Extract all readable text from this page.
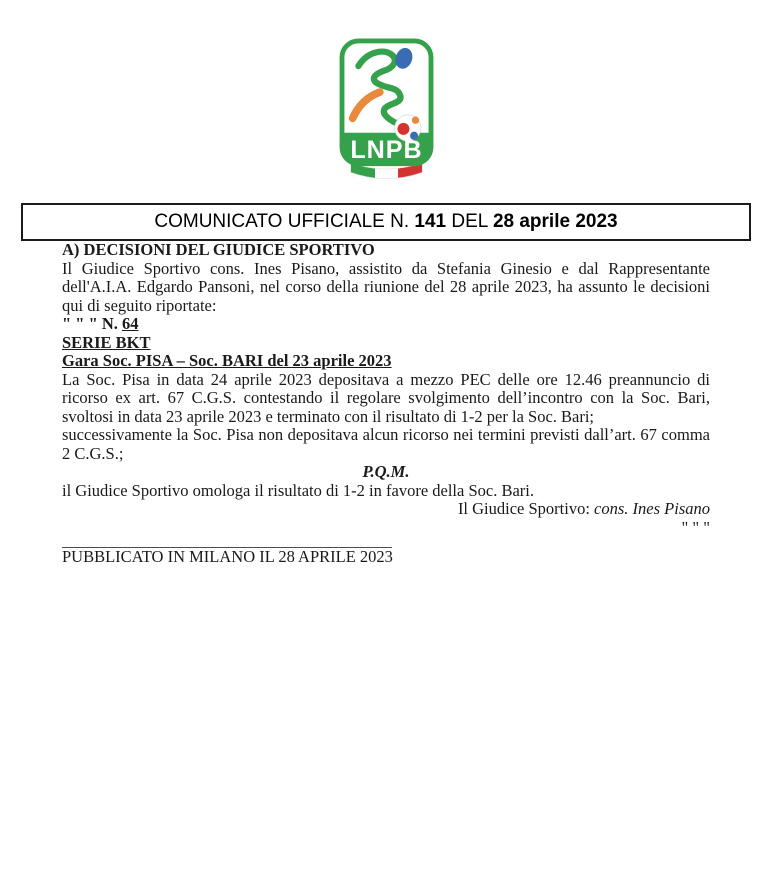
LNPB
COMUNICATO UFFICIALE N. 141 DEL 28 aprile 2023
A) DECISIONI DEL GIUDICE SPORTIVO

Il Giudice Sportivo cons. Ines Pisano, assistito da Stefania Ginesio e dal Rappresentante dell'A.I.A. Edgardo Pansoni, nel corso della riunione del 28 aprile 2023, ha assunto le decisioni qui di seguito riportate:

" " " N. 64
SERIE BKT
Gara Soc. PISA – Soc. BARI del 23 aprile 2023

La Soc. Pisa in data 24 aprile 2023 depositava a mezzo PEC delle ore 12.46 preannuncio di ricorso ex art. 67 C.G.S. contestando il regolare svolgimento dell’incontro con la Soc. Bari, svoltosi in data 23 aprile 2023 e terminato con il risultato di 1-2 per la Soc. Bari;

successivamente la Soc. Pisa non depositava alcun ricorso nei termini previsti dall’art. 67 comma 2 C.G.S.;

P.Q.M.

il Giudice Sportivo omologa il risultato di 1-2 in favore della Soc. Bari.

Il Giudice Sportivo: cons. Ines Pisano
" " "
PUBBLICATO IN MILANO IL 28 APRILE 2023
